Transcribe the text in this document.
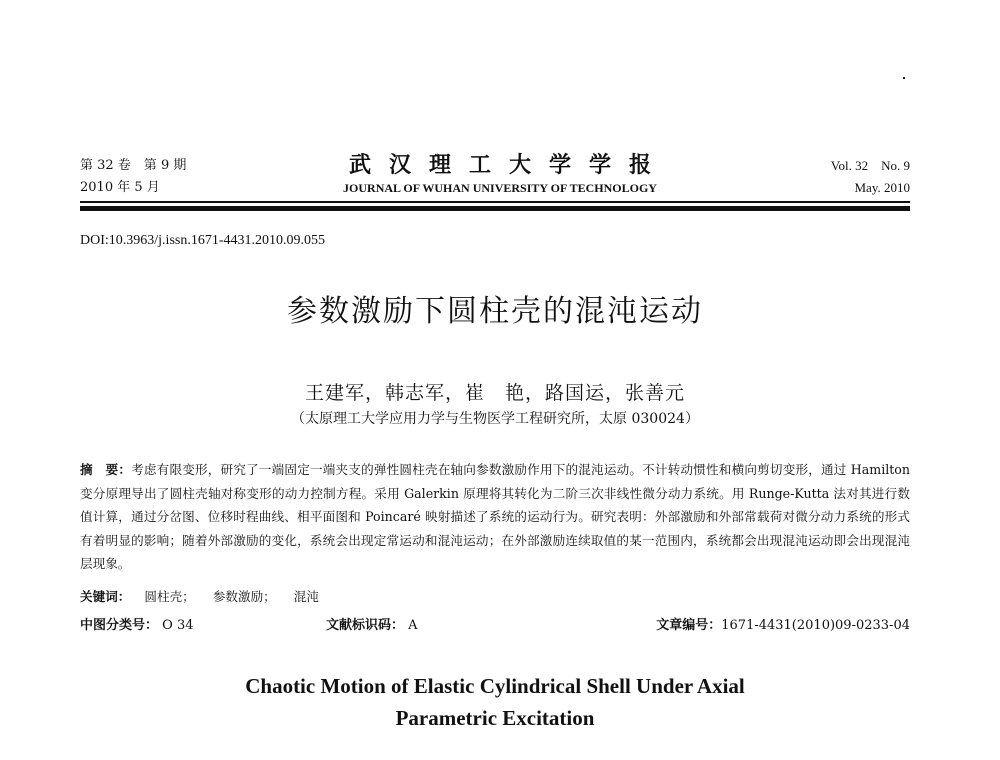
第 32 卷　第 9 期
2010 年 5 月
武汉理工大学学报
JOURNAL OF WUHAN UNIVERSITY OF TECHNOLOGY
Vol. 32　No. 9
May. 2010
DOI:10.3963/j.issn.1671-4431.2010.09.055
参数激励下圆柱壳的混沌运动
王建军，韩志军，崔　艳，路国运，张善元
（太原理工大学应用力学与生物医学工程研究所，太原 030024）
摘　要：考虑有限变形，研究了一端固定一端夹支的弹性圆柱壳在轴向参数激励作用下的混沌运动。不计转动惯性和横向剪切变形，通过 Hamilton 变分原理导出了圆柱壳轴对称变形的动力控制方程。采用 Galerkin 原理将其转化为二阶三次非线性微分动力系统。用 Runge-Kutta 法对其进行数值计算，通过分岔图、位移时程曲线、相平面图和 Poincaré 映射描述了系统的运动行为。研究表明：外部激励和外部常载荷对微分动力系统的形式有着明显的影响；随着外部激励的变化，系统会出现定常运动和混沌运动；在外部激励连续取值的某一范围内，系统都会出现混沌运动即会出现混沌层现象。
关键词： 圆柱壳； 参数激励； 混沌
中图分类号： O 34	文献标识码： A	文章编号：1671-4431(2010)09-0233-04
Chaotic Motion of Elastic Cylindrical Shell Under Axial
Parametric Excitation
